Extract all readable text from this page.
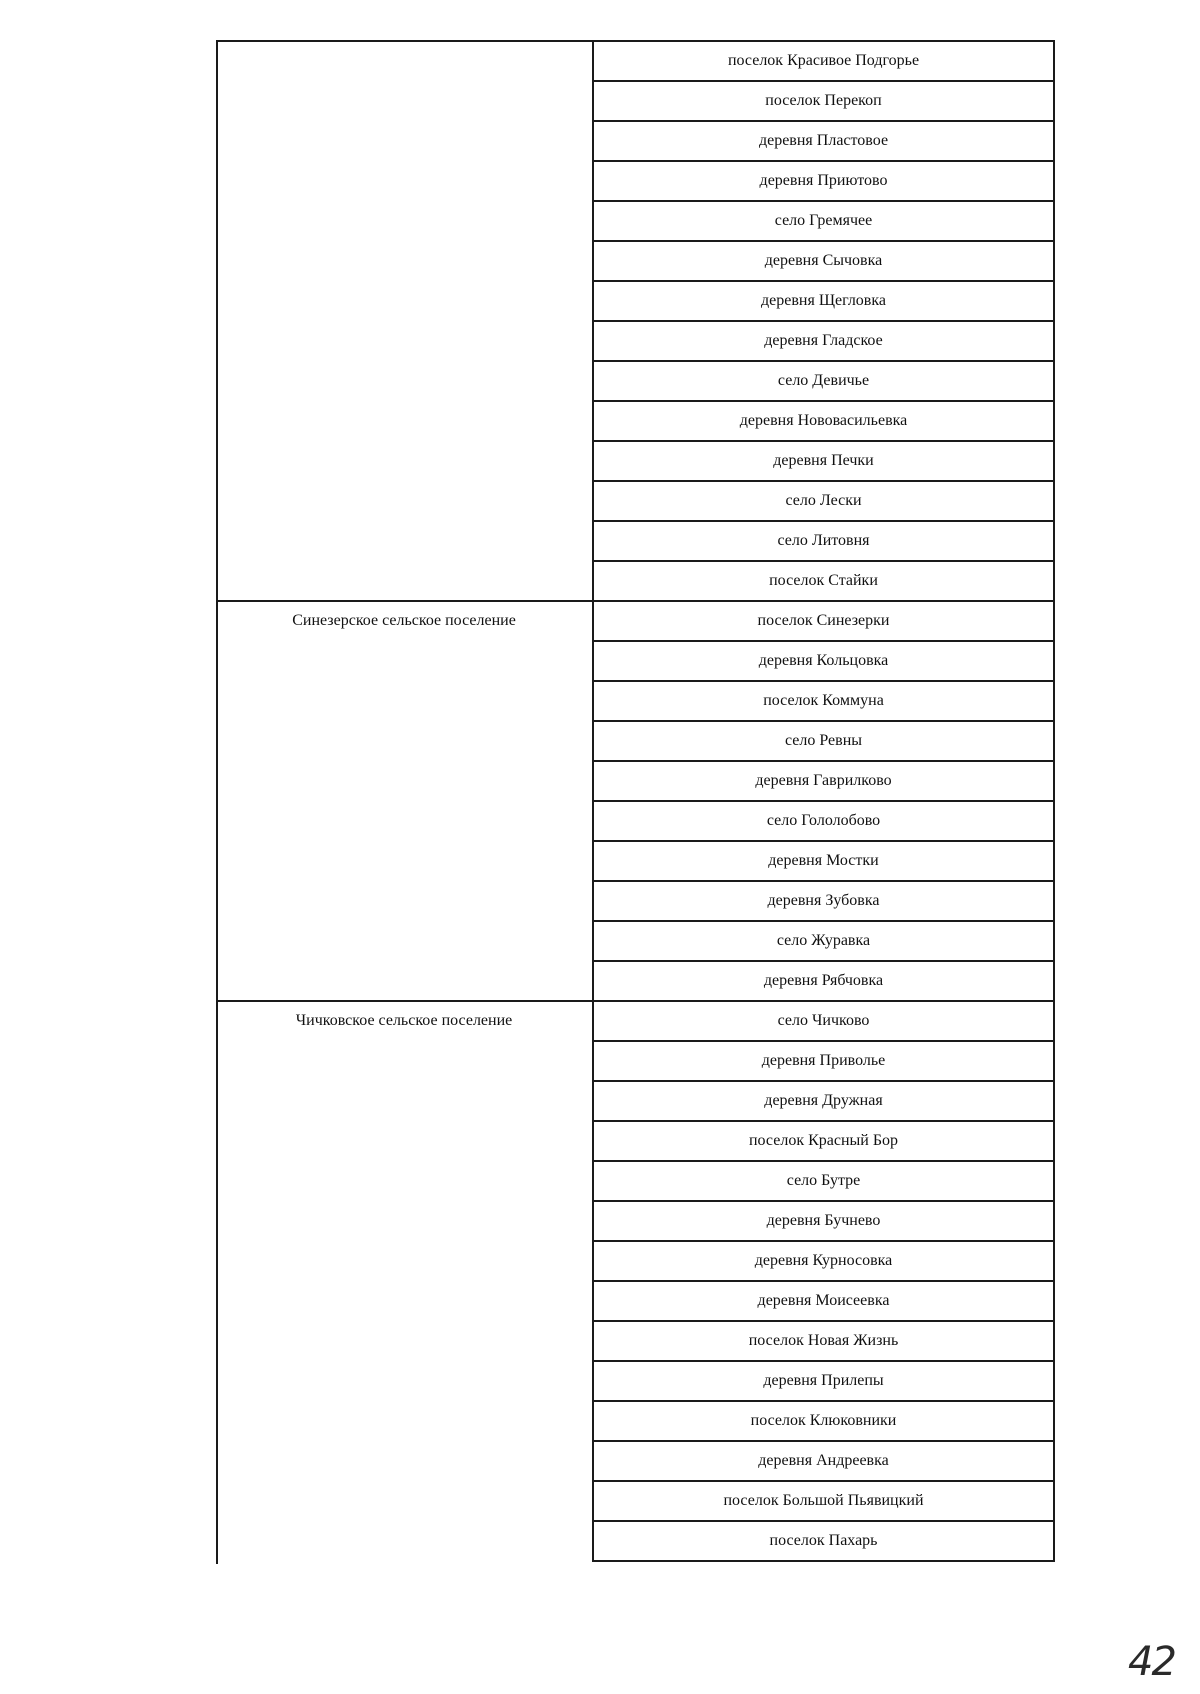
Синезерское сельское поселение
Чичковское сельское поселение
поселок Красивое Подгорье
поселок Перекоп
деревня Пластовое
деревня Приютово
село Гремячее
деревня Сычовка
деревня Щегловка
деревня Гладское
село Девичье
деревня Нововасильевка
деревня Печки
село Лески
село Литовня
поселок Стайки
поселок Синезерки
деревня Кольцовка
поселок Коммуна
село Ревны
деревня Гаврилково
село Гололобово
деревня Мостки
деревня Зубовка
село Журавка
деревня Рябчовка
село Чичково
деревня Приволье
деревня Дружная
поселок Красный Бор
село Бутре
деревня Бучнево
деревня Курносовка
деревня Моисеевка
поселок Новая Жизнь
деревня Прилепы
поселок Клюковники
деревня Андреевка
поселок Большой Пьявицкий
поселок Пахарь
42
